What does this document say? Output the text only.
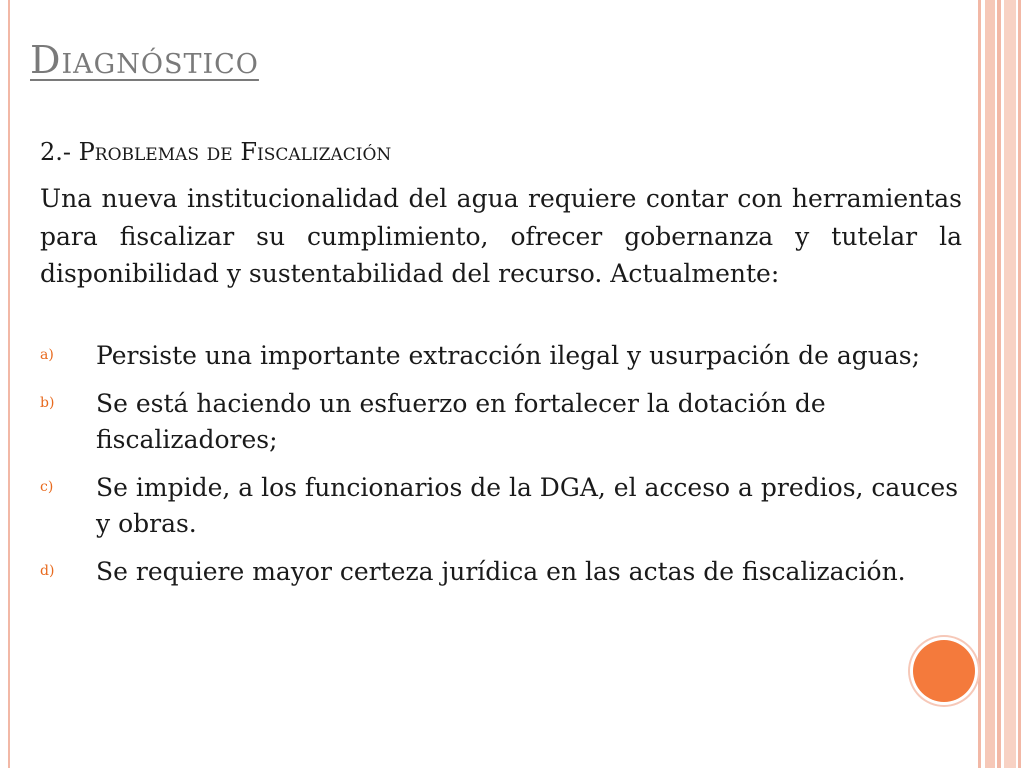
Diagnóstico
2.- Problemas de Fiscalización

Una nueva institucionalidad del agua requiere contar con herramientas para fiscalizar su cumplimiento, ofrecer gobernanza y tutelar la disponibilidad y sustentabilidad del recurso. Actualmente:

a) Persiste una importante extracción ilegal y usurpación de aguas;
b) Se está haciendo un esfuerzo en fortalecer la dotación de fiscalizadores;
c) Se impide, a los funcionarios de la DGA, el acceso a predios, cauces y obras.
d) Se requiere mayor certeza jurídica en las actas de fiscalización.
